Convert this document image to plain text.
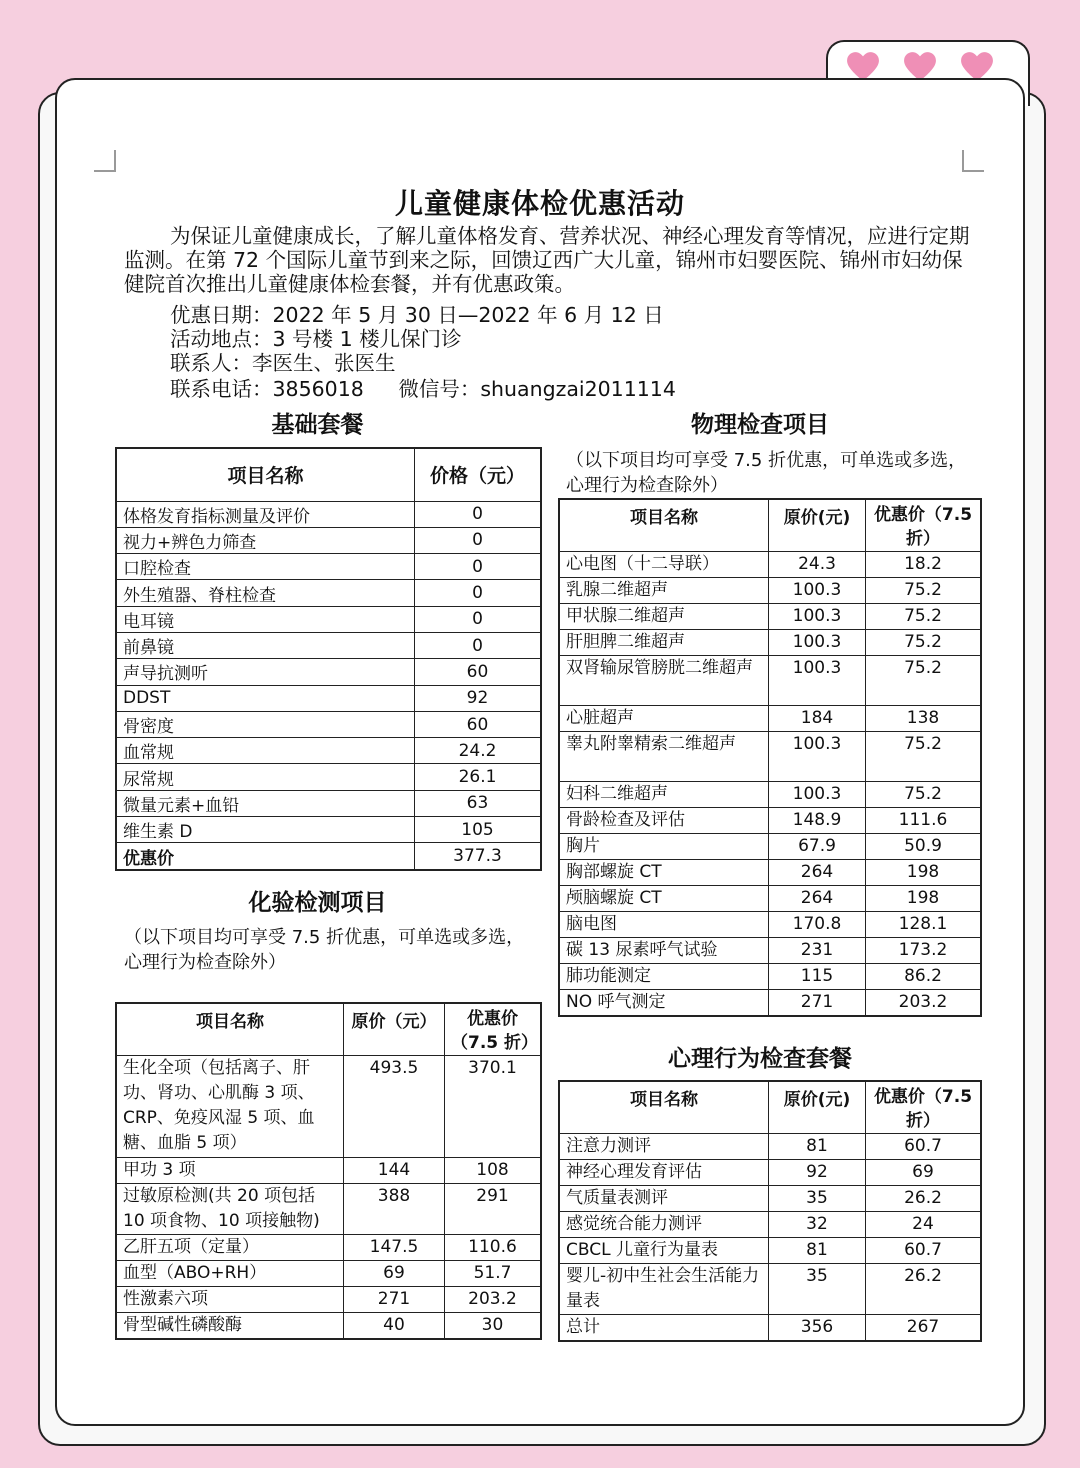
儿童健康体检优惠活动

为保证儿童健康成长，了解儿童体格发育、营养状况、神经心理发育等情况，应进行定期监测。在第 72 个国际儿童节到来之际，回馈辽西广大儿童，锦州市妇婴医院、锦州市妇幼保健院首次推出儿童健康体检套餐，并有优惠政策。

优惠日期：2022 年 5 月 30 日—2022 年 6 月 12 日
活动地点：3 号楼 1 楼儿保门诊
联系人：李医生、张医生
联系电话：3856018 微信号：shuangzai2011114
基础套餐
项目名称	价格（元）
体格发育指标测量及评价	0
视力+辨色力筛查	0
口腔检查	0
外生殖器、脊柱检查	0
电耳镜	0
前鼻镜	0
声导抗测听	60
DDST	92
骨密度	60
血常规	24.2
尿常规	26.1
微量元素+血铅	63
维生素 D	105
优惠价	377.3
化验检测项目
（以下项目均可享受 7.5 折优惠，可单选或多选，心理行为检查除外）
项目名称	原价（元）	优惠价（7.5 折）
生化全项（包括离子、肝功、肾功、心肌酶 3 项、CRP、免疫风湿 5 项、血糖、血脂 5 项）	493.5	370.1
甲功 3 项	144	108
过敏原检测(共 20 项包括 10 项食物、10 项接触物)	388	291
乙肝五项（定量）	147.5	110.6
血型（ABO+RH）	69	51.7
性激素六项	271	203.2
骨型碱性磷酸酶	40	30
物理检查项目
（以下项目均可享受 7.5 折优惠，可单选或多选，心理行为检查除外）
项目名称	原价(元)	优惠价（7.5 折）
心电图（十二导联）	24.3	18.2
乳腺二维超声	100.3	75.2
甲状腺二维超声	100.3	75.2
肝胆脾二维超声	100.3	75.2
双肾输尿管膀胱二维超声	100.3	75.2
心脏超声	184	138
睾丸附睾精索二维超声	100.3	75.2
妇科二维超声	100.3	75.2
骨龄检查及评估	148.9	111.6
胸片	67.9	50.9
胸部螺旋 CT	264	198
颅脑螺旋 CT	264	198
脑电图	170.8	128.1
碳 13 尿素呼气试验	231	173.2
肺功能测定	115	86.2
NO 呼气测定	271	203.2
心理行为检查套餐
项目名称	原价(元)	优惠价（7.5 折）
注意力测评	81	60.7
神经心理发育评估	92	69
气质量表测评	35	26.2
感觉统合能力测评	32	24
CBCL 儿童行为量表	81	60.7
婴儿-初中生社会生活能力量表	35	26.2
总计	356	267
